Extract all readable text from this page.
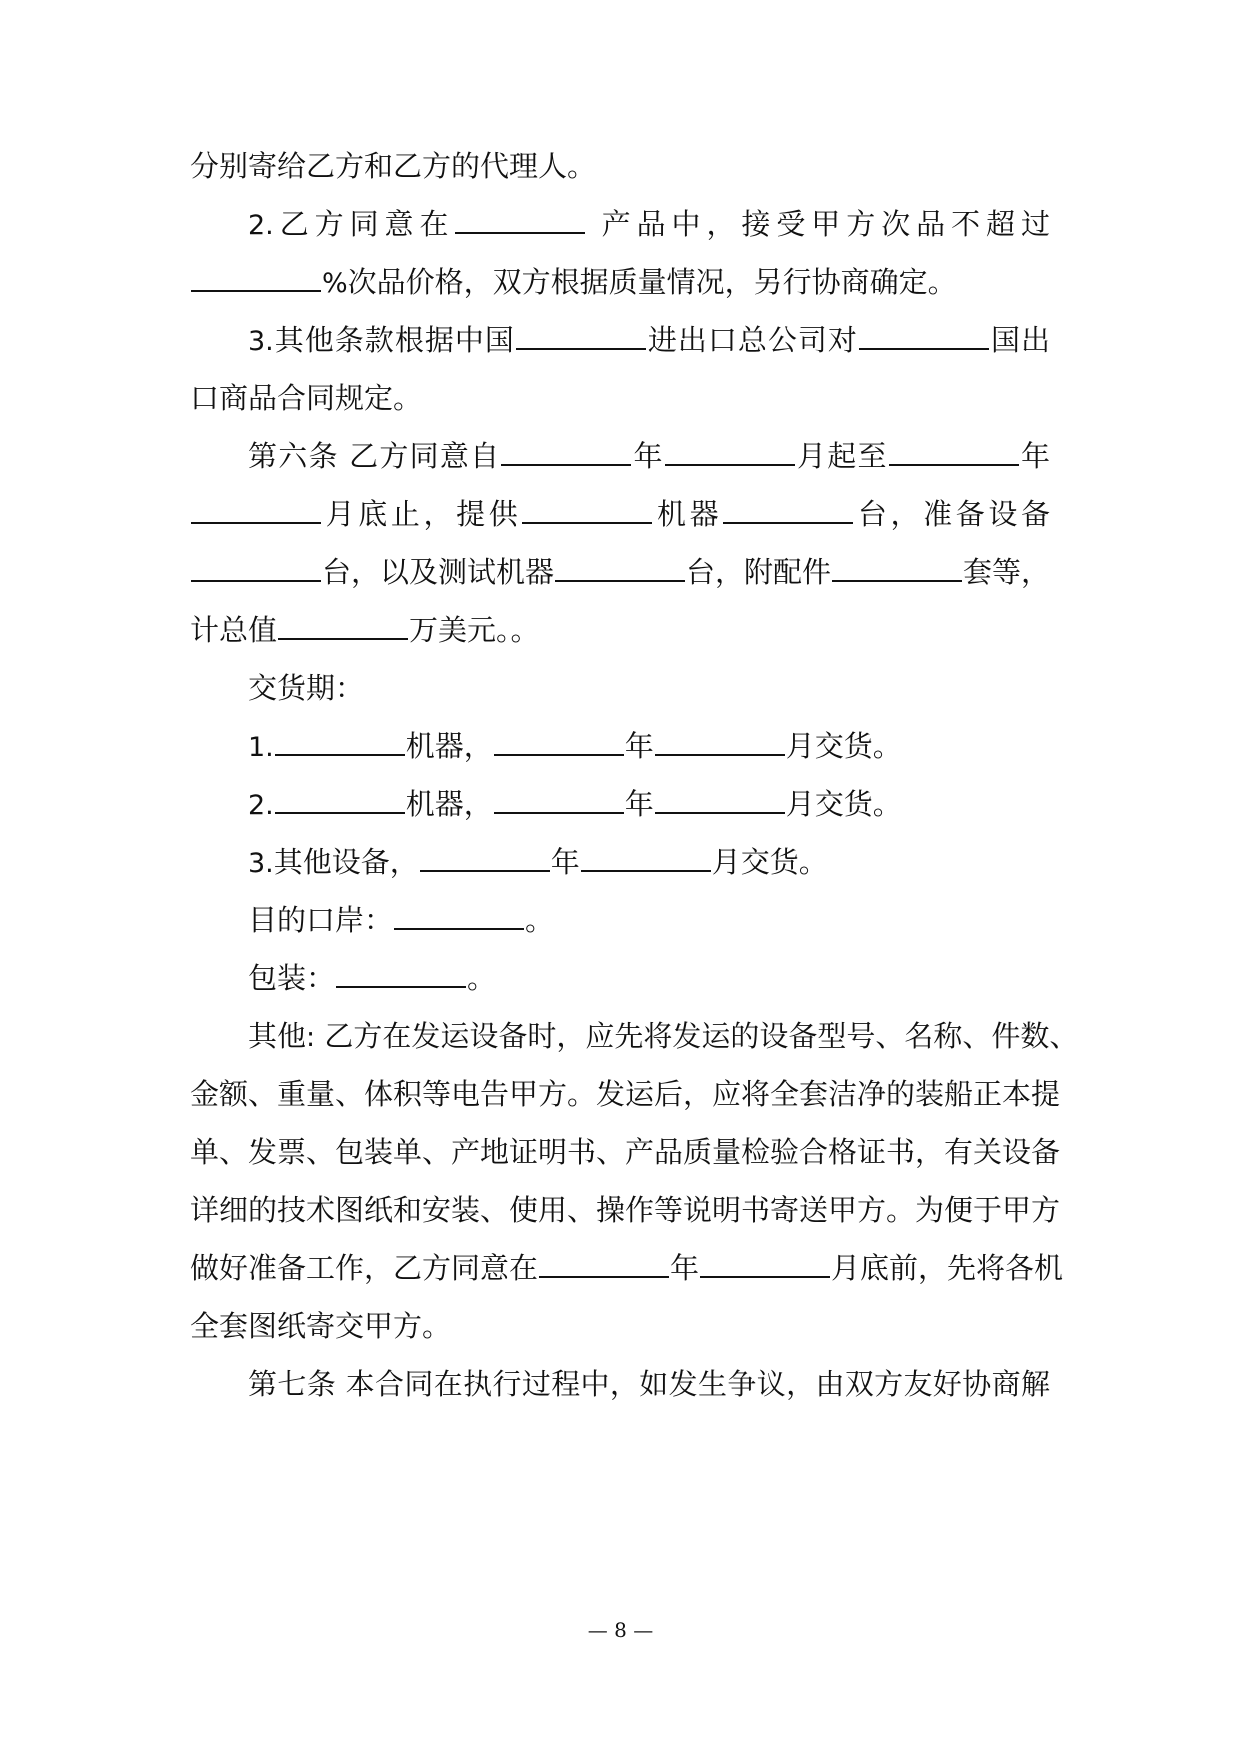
分别寄给乙方和乙方的代理人。
2.乙方同意在	产品中，接受甲方次品不超过
%次品价格，双方根据质量情况，另行协商确定。
3.其他条款根据中国	进出口总公司对	国出
口商品合同规定。
第六条 乙方同意自	年	月起至	年
月底止，提供	机器	台，准备设备
台，以及测试机器	台，附配件	套等，
计总值	万美元。。
交货期：
1.	机器，	年	月交货。
2.	机器，	年	月交货。
3.其他设备，	年	月交货。
目的口岸：	。
包装：	。
其他: 乙方在发运设备时，应先将发运的设备型号、名称、件数、
金额、重量、体积等电告甲方。发运后，应将全套洁净的装船正本提
单、发票、包装单、产地证明书、产品质量检验合格证书，有关设备
详细的技术图纸和安装、使用、操作等说明书寄送甲方。为便于甲方
做好准备工作，乙方同意在	年	月底前，先将各机
全套图纸寄交甲方。
第七条 本合同在执行过程中，如发生争议，由双方友好协商解
— 8 —
